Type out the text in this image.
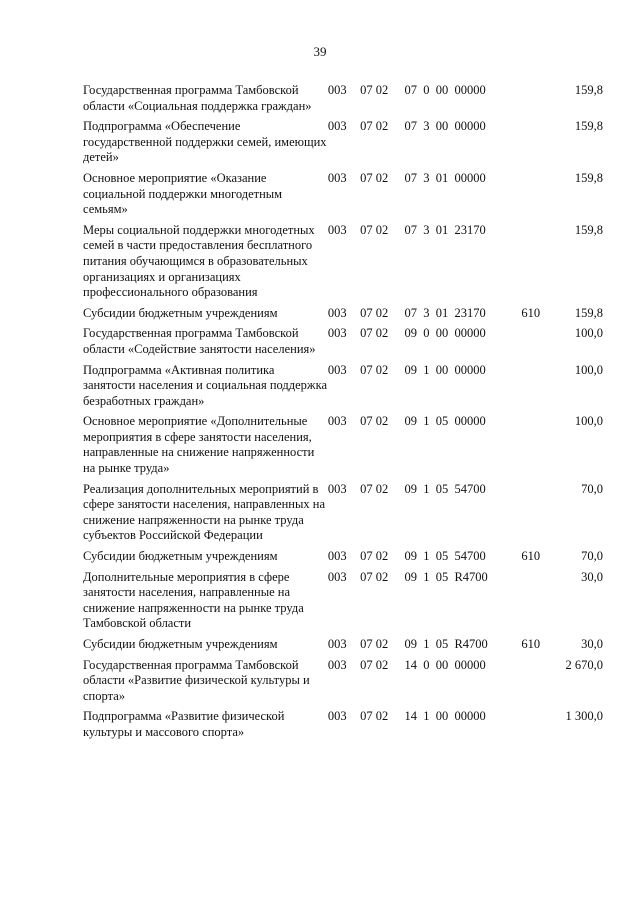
39
Государственная программа Тамбовской области «Социальная поддержка граждан»	003	07 02	07  0  00  00000		159,8
Подпрограмма «Обеспечение государственной поддержки семей, имеющих детей»	003	07 02	07  3  00  00000		159,8
Основное мероприятие «Оказание социальной поддержки многодетным семьям»	003	07 02	07  3  01  00000		159,8
Меры социальной поддержки многодетных семей в части предоставления бесплатного питания обучающимся в образовательных организациях и организациях профессионального образования	003	07 02	07  3  01  23170		159,8
Субсидии бюджетным учреждениям	003	07 02	07  3  01  23170	610	159,8
Государственная программа Тамбовской области «Содействие занятости населения»	003	07 02	09  0  00  00000		100,0
Подпрограмма «Активная политика занятости населения и социальная поддержка безработных граждан»	003	07 02	09  1  00  00000		100,0
Основное мероприятие «Дополнительные мероприятия в сфере занятости населения, направленные на снижение напряженности на рынке труда»	003	07 02	09  1  05  00000		100,0
Реализация дополнительных мероприятий в сфере занятости населения, направленных на снижение напряженности на рынке труда субъектов Российской Федерации	003	07 02	09  1  05  54700		70,0
Субсидии бюджетным учреждениям	003	07 02	09  1  05  54700	610	70,0
Дополнительные мероприятия в сфере занятости населения, направленные на снижение напряженности на рынке труда Тамбовской области	003	07 02	09  1  05  R4700		30,0
Субсидии бюджетным учреждениям	003	07 02	09  1  05  R4700	610	30,0
Государственная программа Тамбовской области «Развитие физической культуры и спорта»	003	07 02	14  0  00  00000		2 670,0
Подпрограмма «Развитие физической культуры и массового спорта»	003	07 02	14  1  00  00000		1 300,0
